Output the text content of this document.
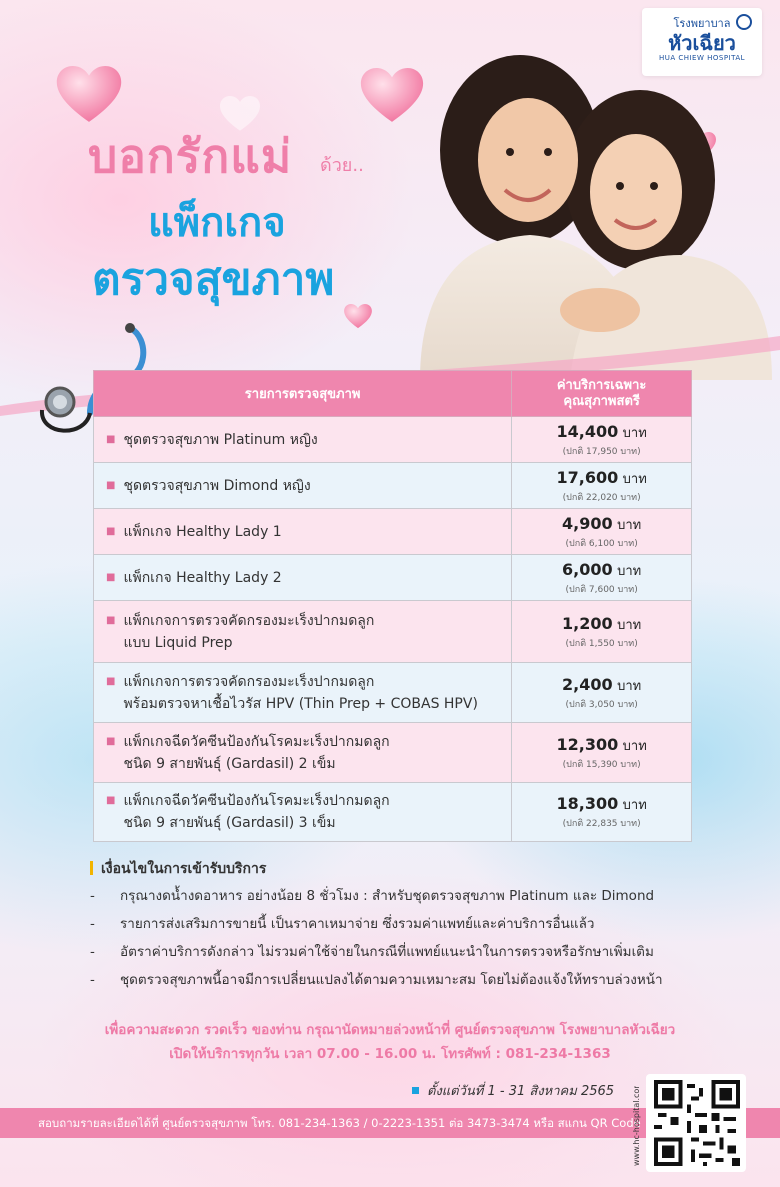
โรงพยาบาล
หัวเฉียว
HUA CHIEW HOSPITAL
บอกรักแม่ ด้วย..
แพ็กเกจ
ตรวจสุขภาพ
รายการตรวจสุขภาพ	ค่าบริการเฉพาะ
คุณสุภาพสตรี

■ ชุดตรวจสุขภาพ Platinum หญิง	14,400 บาท
(ปกติ 17,950 บาท)

■ ชุดตรวจสุขภาพ Dimond หญิง	17,600 บาท
(ปกติ 22,020 บาท)

■ แพ็กเกจ Healthy Lady 1	4,900 บาท
(ปกติ 6,100 บาท)

■ แพ็กเกจ Healthy Lady 2	6,000 บาท
(ปกติ 7,600 บาท)

■ แพ็กเกจการตรวจคัดกรองมะเร็งปากมดลูก
แบบ Liquid Prep	1,200 บาท
(ปกติ 1,550 บาท)

■ แพ็กเกจการตรวจคัดกรองมะเร็งปากมดลูก
พร้อมตรวจหาเชื้อไวรัส HPV (Thin Prep + COBAS HPV)	2,400 บาท
(ปกติ 3,050 บาท)

■ แพ็กเกจฉีดวัคซีนป้องกันโรคมะเร็งปากมดลูก
ชนิด 9 สายพันธุ์ (Gardasil) 2 เข็ม	12,300 บาท
(ปกติ 15,390 บาท)

■ แพ็กเกจฉีดวัคซีนป้องกันโรคมะเร็งปากมดลูก
ชนิด 9 สายพันธุ์ (Gardasil) 3 เข็ม	18,300 บาท
(ปกติ 22,835 บาท)
เงื่อนไขในการเข้ารับบริการ
- กรุณางดน้ำงดอาหาร อย่างน้อย 8 ชั่วโมง : สำหรับชุดตรวจสุขภาพ Platinum และ Dimond
- รายการส่งเสริมการขายนี้ เป็นราคาเหมาจ่าย ซึ่งรวมค่าแพทย์และค่าบริการอื่นแล้ว
- อัตราค่าบริการดังกล่าว ไม่รวมค่าใช้จ่ายในกรณีที่แพทย์แนะนำในการตรวจหรือรักษาเพิ่มเติม
- ชุดตรวจสุขภาพนี้อาจมีการเปลี่ยนแปลงได้ตามความเหมาะสม โดยไม่ต้องแจ้งให้ทราบล่วงหน้า
เพื่อความสะดวก รวดเร็ว ของท่าน กรุณานัดหมายล่วงหน้าที่ ศูนย์ตรวจสุขภาพ โรงพยาบาลหัวเฉียว
เปิดให้บริการทุกวัน เวลา 07.00 - 16.00 น. โทรศัพท์ : 081-234-1363
ตั้งแต่วันที่ 1 - 31 สิงหาคม 2565
สอบถามรายละเอียดได้ที่ ศูนย์ตรวจสุขภาพ โทร. 081-234-1363 / 0-2223-1351 ต่อ 3473-3474 หรือ สแกน QR Code
www.hc-hospital.com
